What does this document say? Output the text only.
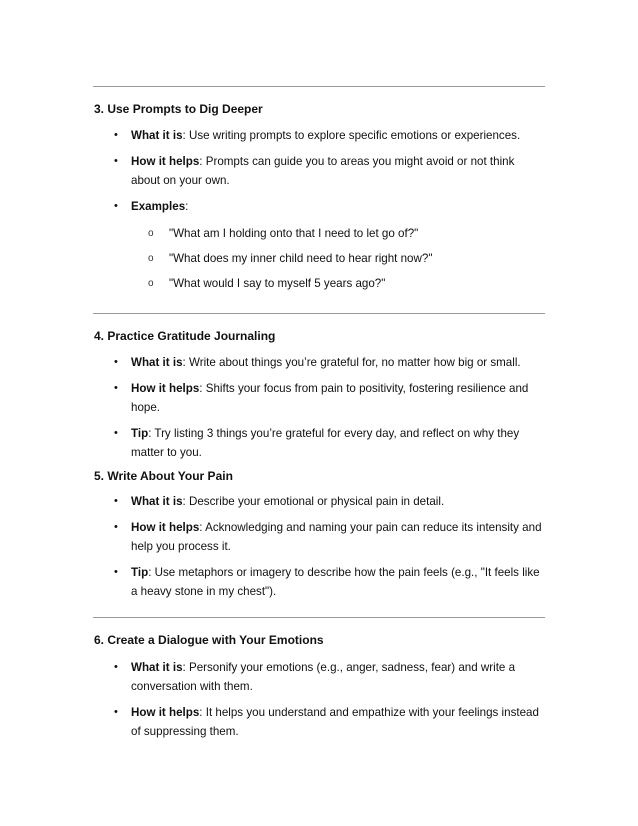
3. Use Prompts to Dig Deeper
•	What it is: Use writing prompts to explore specific emotions or experiences.
•	How it helps: Prompts can guide you to areas you might avoid or not think about on your own.
•	Examples:
o "What am I holding onto that I need to let go of?"
o "What does my inner child need to hear right now?"
o "What would I say to myself 5 years ago?"
4. Practice Gratitude Journaling
•	What it is: Write about things you’re grateful for, no matter how big or small.
•	How it helps: Shifts your focus from pain to positivity, fostering resilience and hope.
•	Tip: Try listing 3 things you’re grateful for every day, and reflect on why they matter to you.
5. Write About Your Pain
•	What it is: Describe your emotional or physical pain in detail.
•	How it helps: Acknowledging and naming your pain can reduce its intensity and help you process it.
•	Tip: Use metaphors or imagery to describe how the pain feels (e.g., "It feels like a heavy stone in my chest").
6. Create a Dialogue with Your Emotions
•	What it is: Personify your emotions (e.g., anger, sadness, fear) and write a conversation with them.
•	How it helps: It helps you understand and empathize with your feelings instead of suppressing them.
